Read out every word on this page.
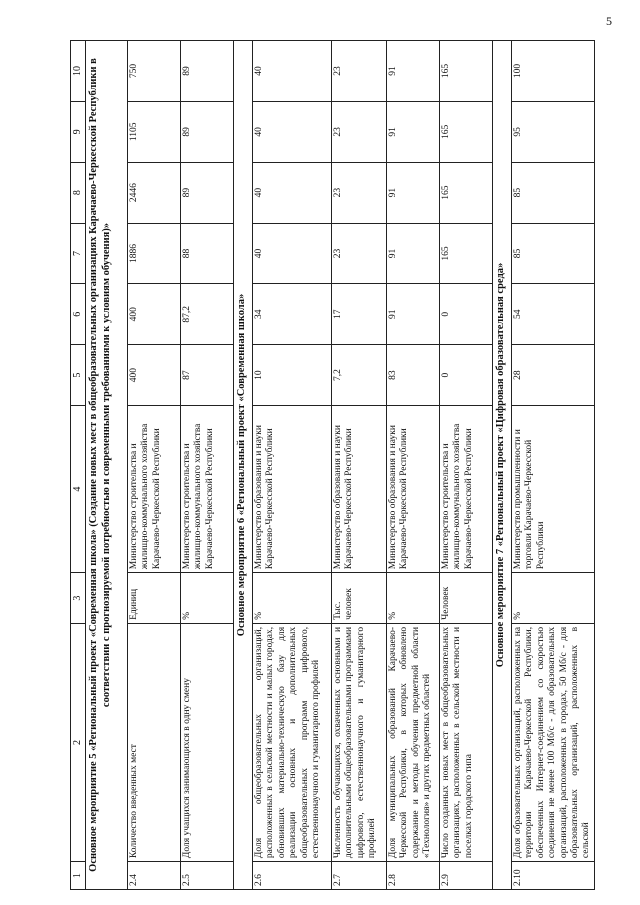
5
1	2	3	4	5	6	7	8	9	10
Основное мероприятие 5 «Региональный проект «Современная школа» (Создание новых мест в общеобразовательных организациях Карачаево-Черкесской Республики в соответствии с прогнозируемой потребностью и современными требованиями к условиям обучения)»									
2.4	Количество введенных мест	Единиц	Министерство строительства и жилищно-коммунального хозяйства Карачаево-Черкесской Республики	400	400	1886	2446	1105	750
2.5	Доля учащихся занимающихся в одну смену	%	Министерство строительства и жилищно-коммунального хозяйства Карачаево-Черкесской Республики	87	87,2	88	89	89	89
Основное мероприятие 6 «Региональный проект «Современная школа»									
2.6	Доля общеобразовательных организаций, расположенных в сельской местности и малых городах, обновивших материально-техническую базу для реализации основных и дополнительных общеобразовательных программ цифрового, естественнонаучного и гуманитарного профилей	%	Министерство образования и науки Карачаево-Черкесской Республики	10	34	40	40	40	40
2.7	Численность обучающихся, охваченных основными и дополнительными общеобразовательными программами цифрового, естественнонаучного и гуманитарного профилей	Тыс. человек	Министерство образования и науки Карачаево-Черкесской Республики	7,2	17	23	23	23	23
2.8	Доля муниципальных образований Карачаево-Черкесской Республики, в которых обновлено содержание и методы обучения предметной области «Технология» и других предметных областей	%	Министерство образования и науки Карачаево-Черкесской Республики	83	91	91	91	91	91
2.9	Число созданных новых мест в общеобразовательных организациях, расположенных в сельской местности и поселках городского типа	Человек	Министерство строительства и жилищно-коммунального хозяйства Карачаево-Черкесской Республики	0	0	165	165	165	165
Основное мероприятие 7 «Региональный проект «Цифровая образовательная среда»									
2.10	Доля образовательных организаций, расположенных на территории Карачаево-Черкесской Республики, обеспеченных Интернет-соединением со скоростью соединения не менее 100 Мб/с - для образовательных организаций, расположенных в городах, 50 Мб/с - для образовательных организаций, расположенных в сельской	%	Министерство промышленности и торговли Карачаево-Черкесской Республики	28	54	85	85	95	100
